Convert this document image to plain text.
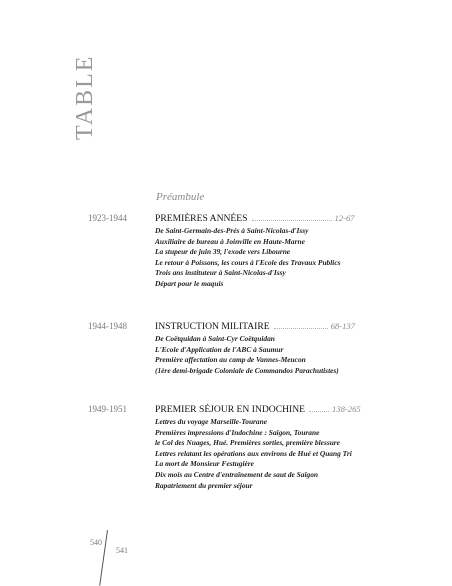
TABLE
Préambule
1923-1944	PREMIÈRES ANNÉES	12-67
De Saint-Germain-des-Prés à Saint-Nicolas-d'Issy
Auxiliaire de bureau à Joinville en Haute-Marne
La stupeur de juin 39, l'exode vers Libourne
Le retour à Poissons, les cours à l'Ecole des Travaux Publics
Trois ans instituteur à Saint-Nicolas-d'Issy
Départ pour le maquis
1944-1948	INSTRUCTION MILITAIRE	68-137
De Coëtquidan à Saint-Cyr Coëtquidan
L'Ecole d'Application de l'ABC à Saumur
Première affectation au camp de Vannes-Meucon
(1ère demi-brigade Coloniale de Commandos Parachutistes)
1949-1951	PREMIER SÉJOUR EN INDOCHINE	138-265
Lettres du voyage Marseille-Tourane
Premières impressions d'Indochine : Saïgon, Tourane
le Col des Nuages, Hué. Premières sorties, première blessure
Lettres relatant les opérations aux environs de Hué et Quang Tri
La mort de Monsieur Festugière
Dix mois au Centre d'entraînement de saut de Saïgon
Rapatriement du premier séjour
540
541
